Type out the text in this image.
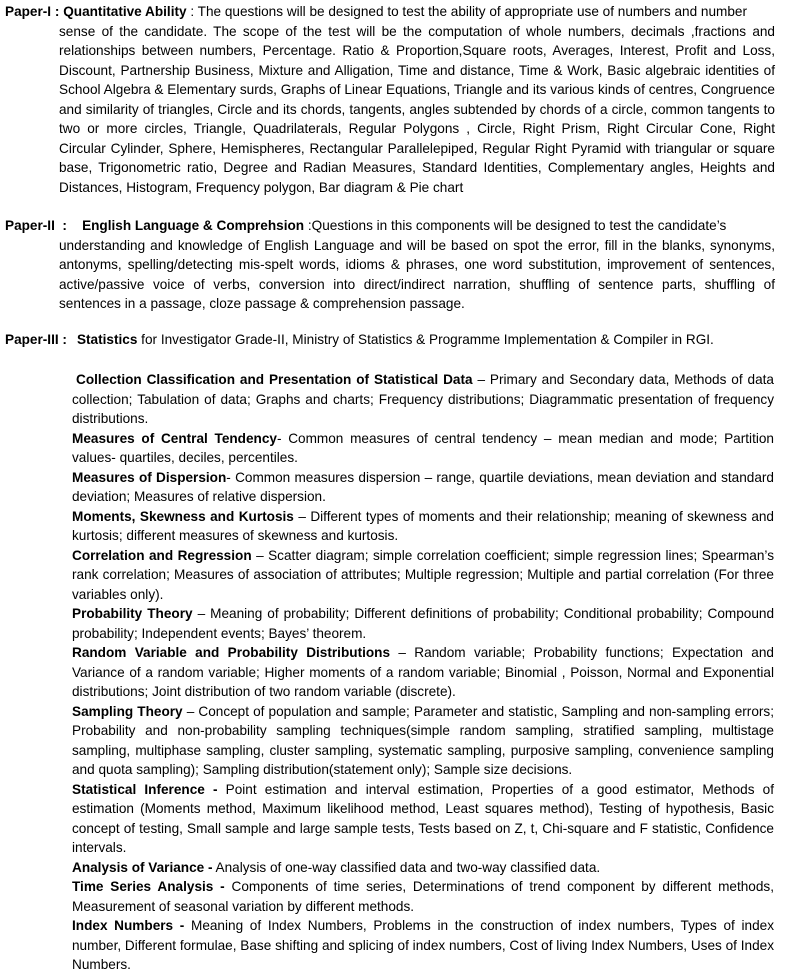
Paper-I : Quantitative Ability : The questions will be designed to test the ability of appropriate use of numbers and number
sense of the candidate. The scope of the test will be the computation of whole numbers, decimals ,fractions and relationships between numbers, Percentage. Ratio & Proportion,Square roots, Averages, Interest, Profit and Loss, Discount, Partnership Business, Mixture and Alligation, Time and distance, Time & Work, Basic algebraic identities of School Algebra & Elementary surds, Graphs of Linear Equations, Triangle and its various kinds of centres, Congruence and similarity of triangles, Circle and its chords, tangents, angles subtended by chords of a circle, common tangents to two or more circles, Triangle, Quadrilaterals, Regular Polygons , Circle, Right Prism, Right Circular Cone, Right Circular Cylinder, Sphere, Hemispheres, Rectangular Parallelepiped, Regular Right Pyramid with triangular or square base, Trigonometric ratio, Degree and Radian Measures, Standard Identities, Complementary angles, Heights and Distances, Histogram, Frequency polygon, Bar diagram & Pie chart
Paper-II  :    English Language & Comprehsion :Questions in this components will be designed to test the candidate’s
understanding and knowledge of English Language and will be based on spot the error, fill in the blanks, synonyms, antonyms, spelling/detecting mis-spelt words, idioms & phrases, one word substitution, improvement of sentences, active/passive voice of verbs, conversion into direct/indirect narration, shuffling of sentence parts, shuffling of sentences in a passage, cloze passage & comprehension passage.
Paper-III : Statistics for Investigator Grade-II, Ministry of Statistics & Programme Implementation & Compiler in RGI.
Collection Classification and Presentation of Statistical Data – Primary and Secondary data, Methods of data collection; Tabulation of data; Graphs and charts; Frequency distributions; Diagrammatic presentation of frequency distributions.
Measures of Central Tendency- Common measures of central tendency – mean median and mode; Partition values- quartiles, deciles, percentiles.
Measures of Dispersion- Common measures dispersion – range, quartile deviations, mean deviation and standard deviation; Measures of relative dispersion.
Moments, Skewness and Kurtosis – Different types of moments and their relationship; meaning of skewness and kurtosis; different measures of skewness and kurtosis.
Correlation and Regression – Scatter diagram; simple correlation coefficient; simple regression lines; Spearman’s rank correlation; Measures of association of attributes; Multiple regression; Multiple and partial correlation (For three variables only).
Probability Theory – Meaning of probability; Different definitions of probability; Conditional probability; Compound probability; Independent events; Bayes’ theorem.
Random Variable and Probability Distributions – Random variable; Probability functions; Expectation and Variance of a random variable; Higher moments of a random variable; Binomial , Poisson, Normal and Exponential distributions; Joint distribution of two random variable (discrete).
Sampling Theory – Concept of population and sample; Parameter and statistic, Sampling and non-sampling errors; Probability and non-probability sampling techniques(simple random sampling, stratified sampling, multistage sampling, multiphase sampling, cluster sampling, systematic sampling, purposive sampling, convenience sampling and quota sampling); Sampling distribution(statement only); Sample size decisions.
Statistical Inference - Point estimation and interval estimation, Properties of a good estimator, Methods of estimation (Moments method, Maximum likelihood method, Least squares method), Testing of hypothesis, Basic concept of testing, Small sample and large sample tests, Tests based on Z, t, Chi-square and F statistic, Confidence intervals.
Analysis of Variance - Analysis of one-way classified data and two-way classified data.
Time Series Analysis - Components of time series, Determinations of trend component by different methods, Measurement of seasonal variation by different methods.
Index Numbers - Meaning of Index Numbers, Problems in the construction of index numbers, Types of index number, Different formulae, Base shifting and splicing of index numbers, Cost of living Index Numbers, Uses of Index Numbers.
